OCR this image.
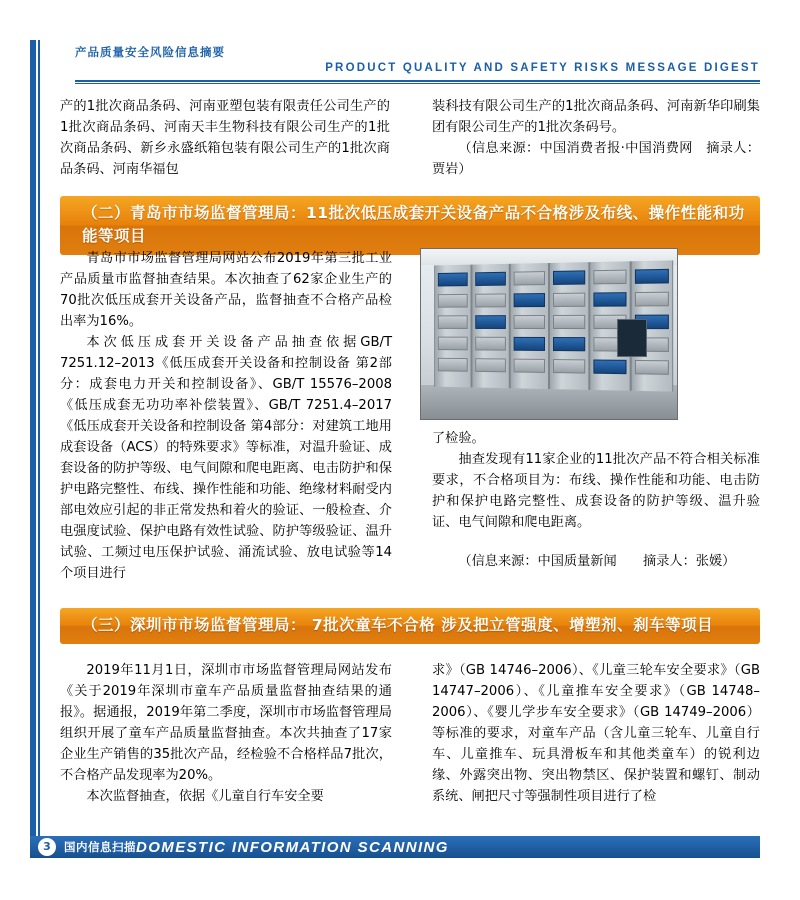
产品质量安全风险信息摘要
PRODUCT QUALITY AND SAFETY RISKS MESSAGE DIGEST

产的1批次商品条码、河南亚塑包装有限责任公司生产的1批次商品条码、河南天丰生物科技有限公司生产的1批次商品条码、新乡永盛纸箱包装有限公司生产的1批次商品条码、河南华福包

装科技有限公司生产的1批次商品条码、河南新华印刷集团有限公司生产的1批次条码号。

（信息来源：中国消费者报·中国消费网　摘录人：贾岩）

（二）青岛市市场监督管理局：11批次低压成套开关设备产品不合格涉及布线、操作性能和功能等项目

青岛市市场监督管理局网站公布2019年第三批工业产品质量市监督抽查结果。本次抽查了62家企业生产的70批次低压成套开关设备产品，监督抽查不合格产品检出率为16%。

本次低压成套开关设备产品抽查依据GB/T 7251.12–2013《低压成套开关设备和控制设备 第2部分：成套电力开关和控制设备》、GB/T 15576–2008《低压成套无功功率补偿装置》、GB/T 7251.4–2017《低压成套开关设备和控制设备 第4部分：对建筑工地用成套设备（ACS）的特殊要求》等标准，对温升验证、成套设备的防护等级、电气间隙和爬电距离、电击防护和保护电路完整性、布线、操作性能和功能、绝缘材料耐受内部电效应引起的非正常发热和着火的验证、一般检查、介电强度试验、保护电路有效性试验、防护等级验证、温升试验、工频过电压保护试验、涌流试验、放电试验等14个项目进行

了检验。

抽查发现有11家企业的11批次产品不符合相关标准要求，不合格项目为：布线、操作性能和功能、电击防护和保护电路完整性、成套设备的防护等级、温升验证、电气间隙和爬电距离。

（信息来源：中国质量新闻　　摘录人：张媛）

（三）深圳市市场监督管理局： 7批次童车不合格 涉及把立管强度、增塑剂、刹车等项目

2019年11月1日，深圳市市场监督管理局网站发布《关于2019年深圳市童车产品质量监督抽查结果的通报》。据通报，2019年第二季度，深圳市市场监督管理局组织开展了童车产品质量监督抽查。本次共抽查了17家企业生产销售的35批次产品，经检验不合格样品7批次，不合格产品发现率为20%。

本次监督抽查，依据《儿童自行车安全要

求》（GB 14746–2006）、《儿童三轮车安全要求》（GB 14747–2006）、《儿童推车安全要求》（GB 14748–2006）、《婴儿学步车安全要求》（GB 14749–2006）等标准的要求，对童车产品（含儿童三轮车、儿童自行车、儿童推车、玩具滑板车和其他类童车）的锐利边缘、外露突出物、突出物禁区、保护装置和螺钉、制动系统、闸把尺寸等强制性项目进行了检

3	国内信息扫描 DOMESTIC INFORMATION SCANNING
